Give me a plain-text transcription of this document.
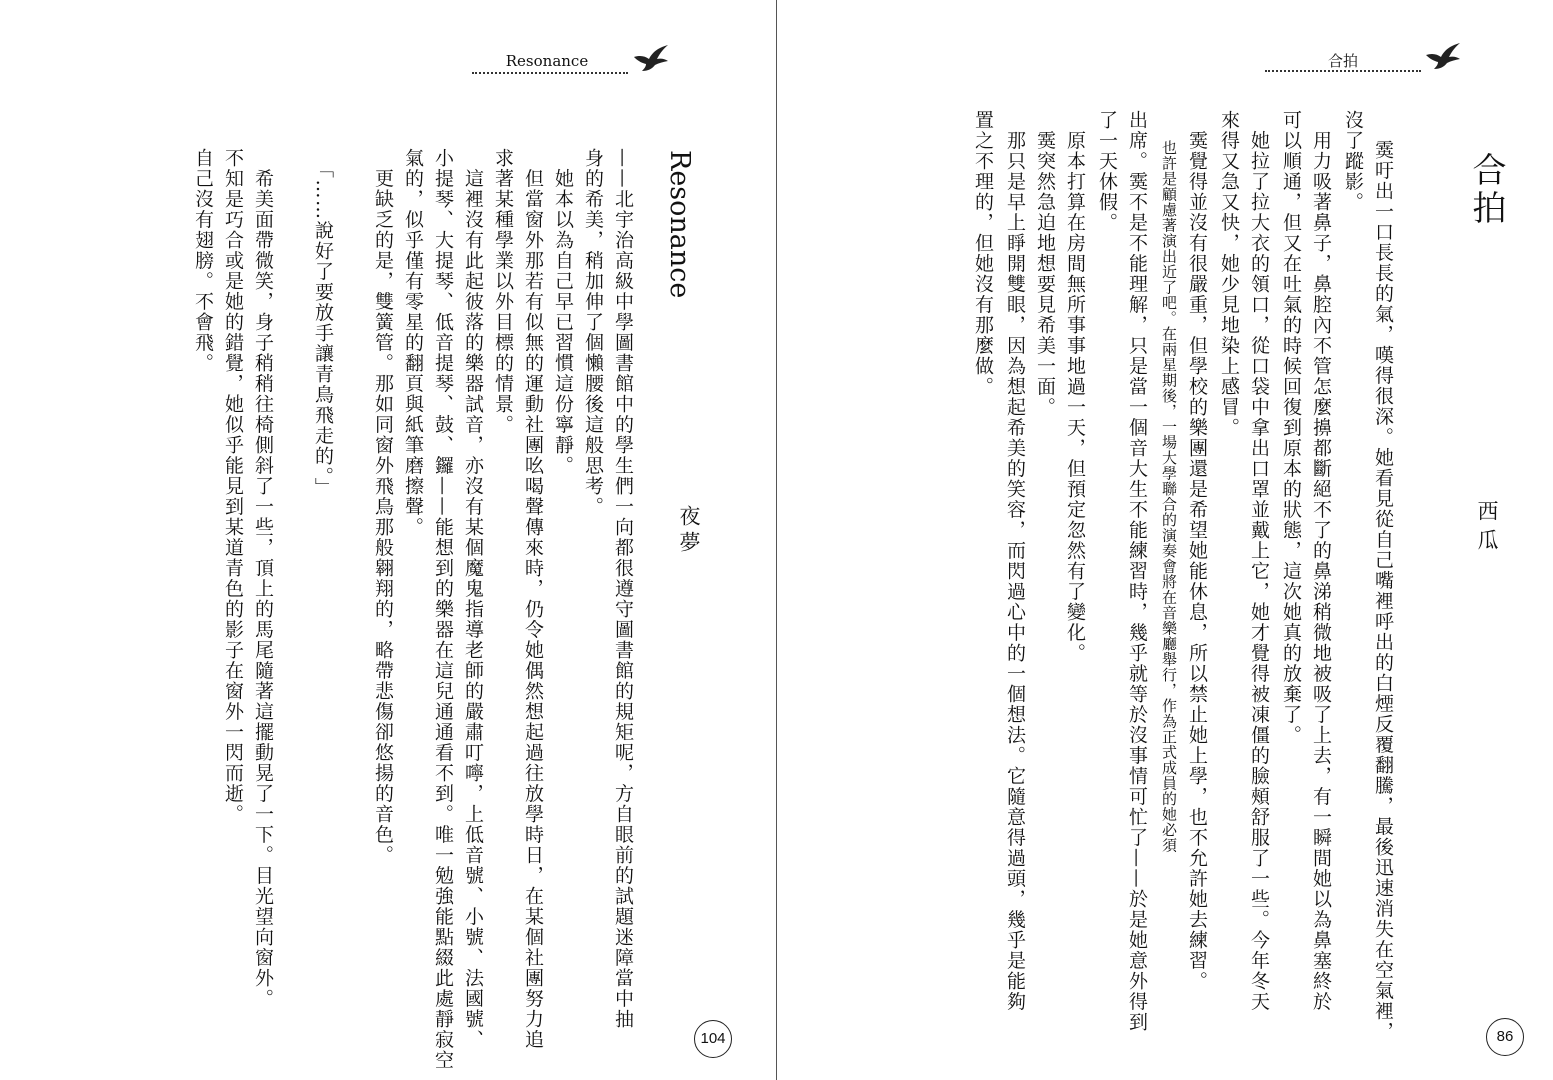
Resonance
Resonance
夜夢
——北宇治高級中學圖書館中的學生們一向都很遵守圖書館的規矩呢，方自眼前的試題迷障當中抽
身的希美，稍加伸了個懶腰後這般思考。
　她本以為自己早已習慣這份寧靜。
　但當窗外那若有似無的運動社團吆喝聲傳來時，仍令她偶然想起過往放學時日，在某個社團努力追
求著某種學業以外目標的情景。
　這裡沒有此起彼落的樂器試音，亦沒有某個魔鬼指導老師的嚴肅叮嚀，上低音號、小號、法國號、
小提琴、大提琴、低音提琴、鼓、鑼——能想到的樂器在這兒通通看不到。唯一勉強能點綴此處靜寂空
氣的，似乎僅有零星的翻頁與紙筆磨擦聲。
　更缺乏的是，雙簧管。那如同窗外飛鳥那般翱翔的，略帶悲傷卻悠揚的音色。
　「……說好了要放手讓青鳥飛走的。」
　希美面帶微笑，身子稍稍往椅側斜了一些，頂上的馬尾隨著這擺動晃了一下。目光望向窗外。
不知是巧合或是她的錯覺，她似乎能見到某道青色的影子在窗外一閃而逝。
自己沒有翅膀。不會飛。
104
合拍
合拍
西瓜
霙吁出一口長長的氣，嘆得很深。她看見從自己嘴裡呼出的白煙反覆翻騰，最後迅速消失在空氣裡，
沒了蹤影。
　用力吸著鼻子，鼻腔內不管怎麼擤都斷絕不了的鼻涕稍微地被吸了上去，有一瞬間她以為鼻塞終於
可以順通，但又在吐氣的時候回復到原本的狀態，這次她真的放棄了。
　她拉了拉大衣的領口，從口袋中拿出口罩並戴上它，她才覺得被凍僵的臉頰舒服了一些。今年冬天
來得又急又快，她少見地染上感冒。
　霙覺得並沒有很嚴重，但學校的樂團還是希望她能休息，所以禁止她上學，也不允許她去練習。
也許是顧慮著演出近了吧。在兩星期後，一場大學聯合的演奏會將在音樂廳舉行，作為正式成員的她必須
出席。霙不是不能理解，只是當一個音大生不能練習時，幾乎就等於沒事情可忙了——於是她意外得到
了一天休假。
　原本打算在房間無所事事地過一天，但預定忽然有了變化。
　霙突然急迫地想要見希美一面。
　那只是早上睜開雙眼，因為想起希美的笑容，而閃過心中的一個想法。它隨意得過頭，幾乎是能夠
置之不理的，但她沒有那麼做。
86
